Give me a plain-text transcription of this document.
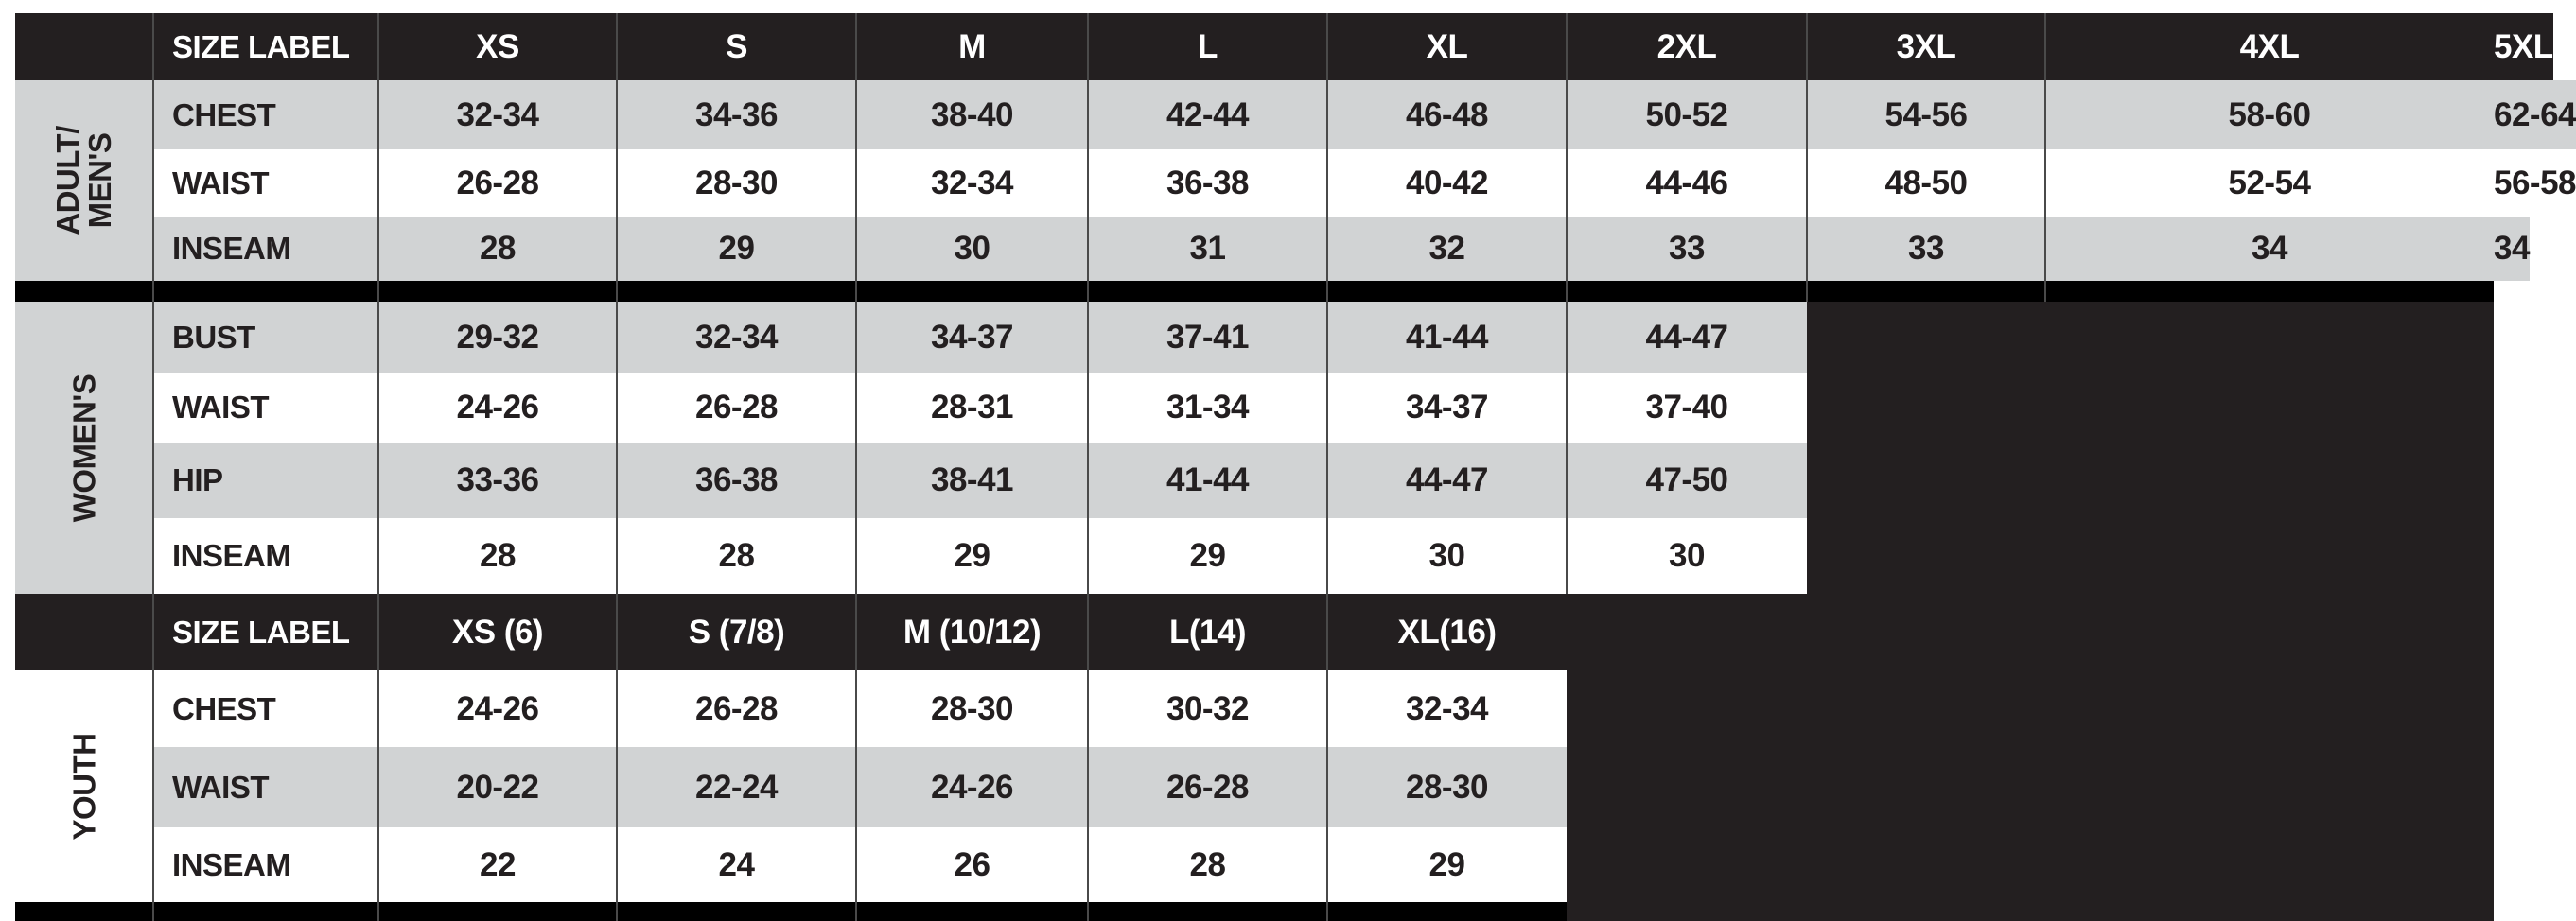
SIZE LABEL	XS	S	M	L	XL	2XL	3XL	4XL	5XL
CHEST	32-34	34-36	38-40	42-44	46-48	50-52	54-56	58-60	62-64
WAIST	26-28	28-30	32-34	36-38	40-42	44-46	48-50	52-54	56-58
INSEAM	28	29	30	31	32	33	33	34	34
ADULT/
MEN'S
BUST	29-32	32-34	34-37	37-41	41-44	44-47
WAIST	24-26	26-28	28-31	31-34	34-37	37-40
HIP	33-36	36-38	38-41	41-44	44-47	47-50
INSEAM	28	28	29	29	30	30
WOMEN'S
SIZE LABEL	XS (6)	S (7/8)	M (10/12)	L(14)	XL(16)
CHEST	24-26	26-28	28-30	30-32	32-34
WAIST	20-22	22-24	24-26	26-28	28-30
INSEAM	22	24	26	28	29
YOUTH
